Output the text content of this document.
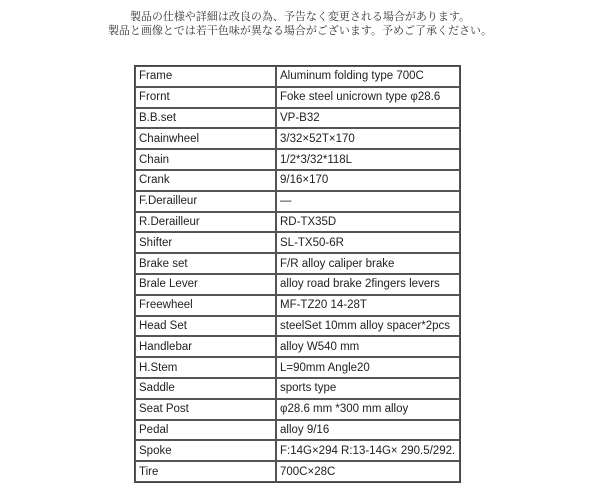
製品の仕様や詳細は改良の為、予告なく変更される場合があります。
製品と画像とでは若干色味が異なる場合がございます。予めご了承ください。
Frame	Aluminum folding type 700C
Frornt	Foke steel unicrown type φ28.6
B.B.set	VP-B32
Chainwheel	3/32×52T×170
Chain	1/2*3/32*118L
Crank	9/16×170
F.Derailleur	—
R.Derailleur	RD-TX35D
Shifter	SL-TX50-6R
Brake set	F/R alloy caliper brake
Brale Lever	alloy road brake 2fingers levers
Freewheel	MF-TZ20 14-28T
Head Set	steelSet 10mm alloy spacer*2pcs
Handlebar	alloy W540 mm
H.Stem	L=90mm Angle20
Saddle	sports type
Seat Post	φ28.6 mm *300 mm alloy
Pedal	alloy 9/16
Spoke	F:14G×294 R:13-14G× 290.5/292.
Tire	700C×28C
